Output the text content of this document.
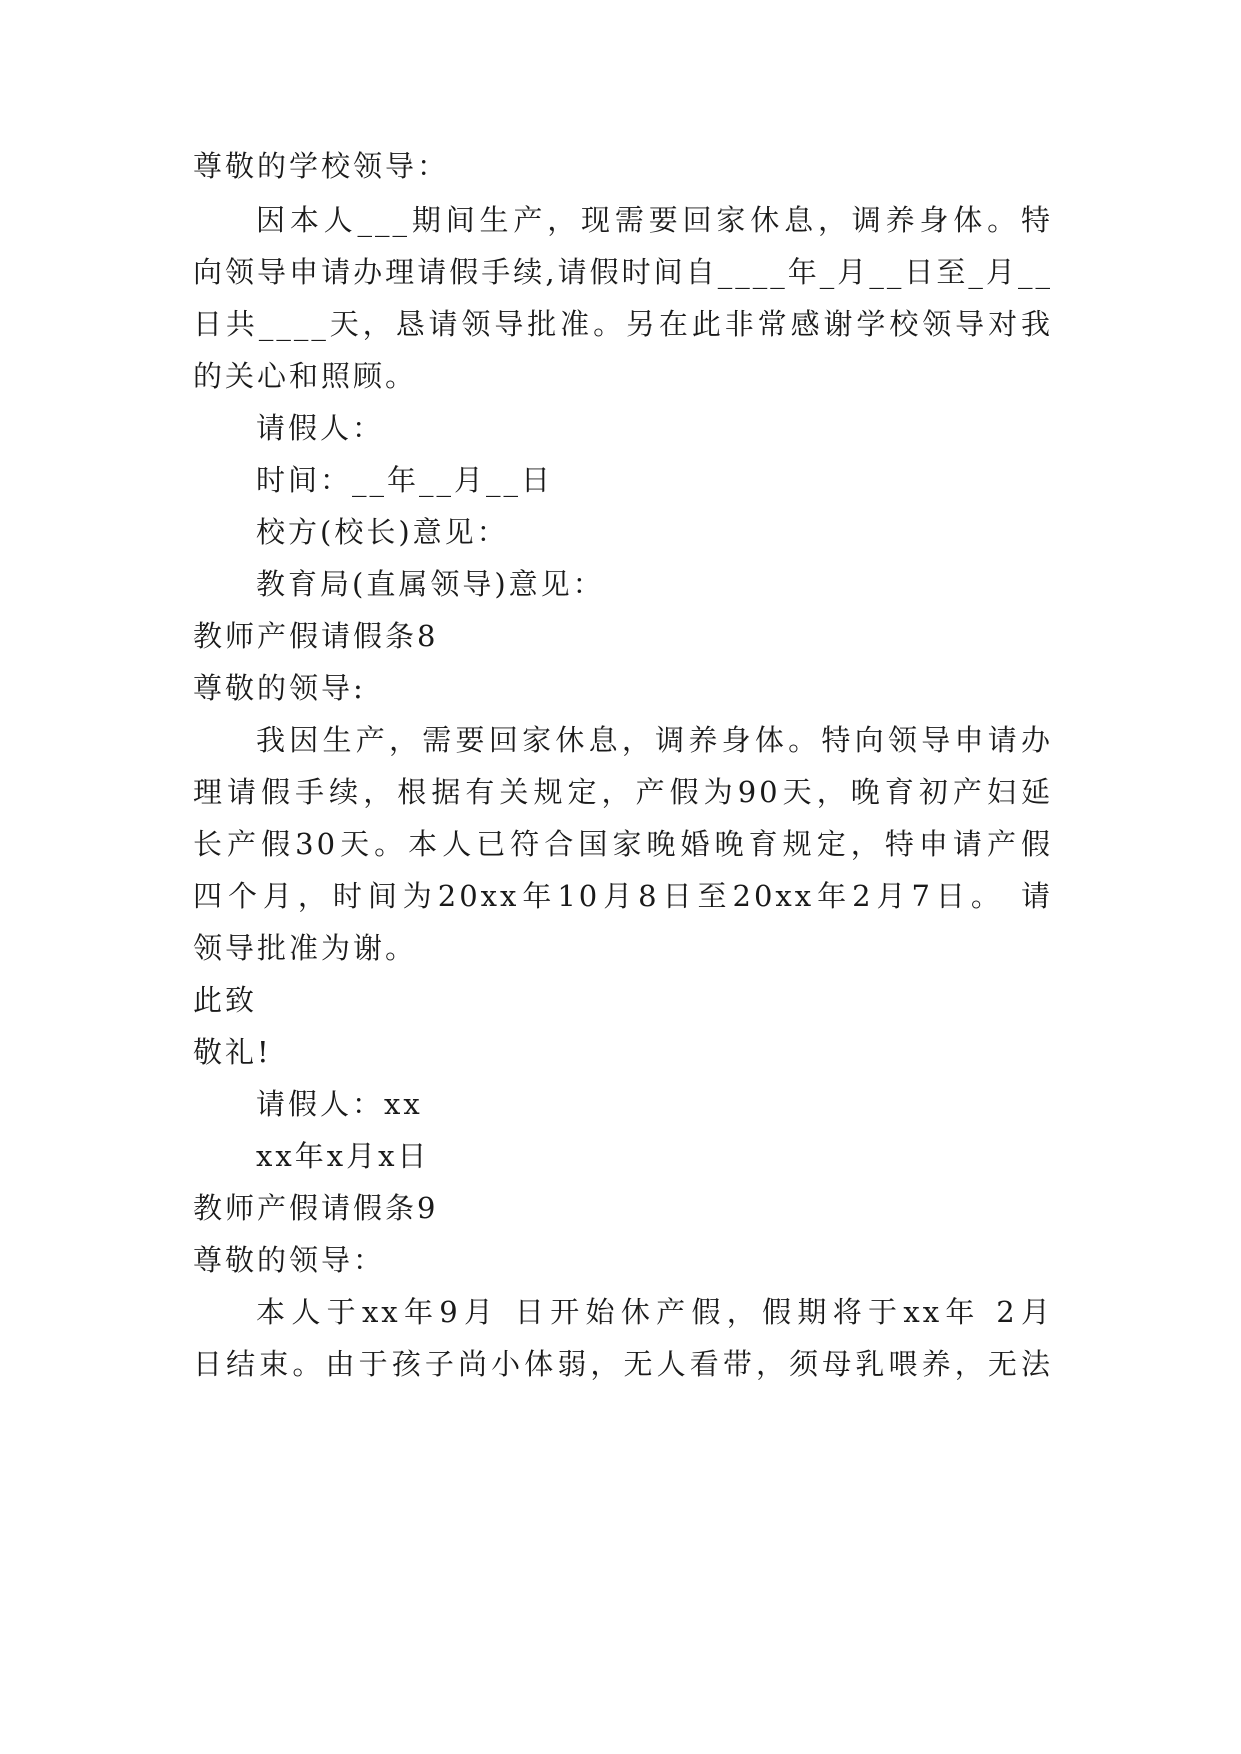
尊敬的学校领导：
因本人___期间生产，现需要回家休息，调养身体。特
向领导申请办理请假手续,请假时间自____年_月__日至_月__
日共____天，恳请领导批准。另在此非常感谢学校领导对我
的关心和照顾。
请假人：
时间：__年__月__日
校方(校长)意见：
教育局(直属领导)意见：
教师产假请假条8
尊敬的领导:
我因生产，需要回家休息，调养身体。特向领导申请办
理请假手续，根据有关规定，产假为90天，晚育初产妇延
长产假30天。本人已符合国家晚婚晚育规定，特申请产假
四个月，时间为20xx年10月8日至20xx年2月7日。 请
领导批准为谢。
此致
敬礼!
请假人：xx
xx年x月x日
教师产假请假条9
尊敬的领导：
本人于xx年9月 日开始休产假，假期将于xx年 2月
日结束。由于孩子尚小体弱，无人看带，须母乳喂养，无法
